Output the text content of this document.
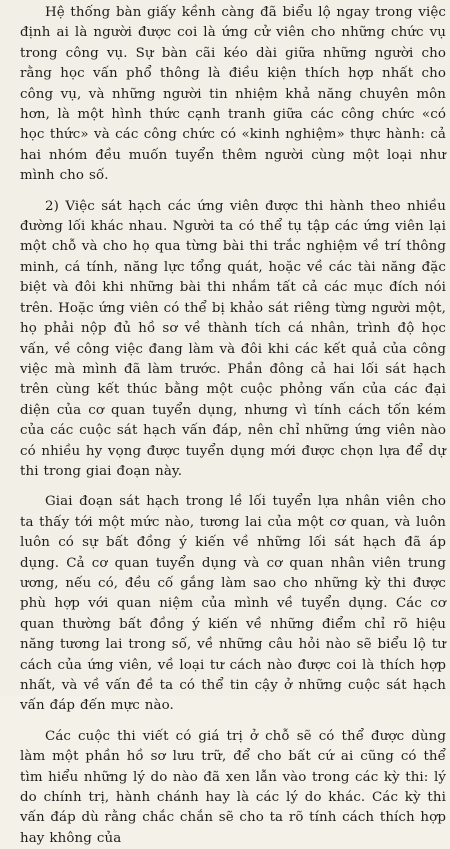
Hệ thống bàn giấy kềnh càng đã biểu lộ ngay trong việc định ai là người được coi là ứng cử viên cho những chức vụ trong công vụ. Sự bàn cãi kéo dài giữa những người cho rằng học vấn phổ thông là điều kiện thích hợp nhất cho công vụ, và những người tin nhiệm khả năng chuyên môn hơn, là một hình thức cạnh tranh giữa các công chức «có học thức» và các công chức có «kinh nghiệm» thực hành: cả hai nhóm đều muốn tuyển thêm người cùng một loại như mình cho số.

2) Việc sát hạch các ứng viên được thi hành theo nhiều đường lối khác nhau. Người ta có thể tụ tập các ứng viên lại một chỗ và cho họ qua từng bài thi trắc nghiệm về trí thông minh, cá tính, năng lực tổng quát, hoặc về các tài năng đặc biệt và đôi khi những bài thi nhắm tất cả các mục đích nói trên. Hoặc ứng viên có thể bị khảo sát riêng từng người một, họ phải nộp đủ hồ sơ về thành tích cá nhân, trình độ học vấn, về công việc đang làm và đôi khi các kết quả của công việc mà mình đã làm trước. Phần đông cả hai lối sát hạch trên cùng kết thúc bằng một cuộc phỏng vấn của các đại diện của cơ quan tuyển dụng, nhưng vì tính cách tốn kém của các cuộc sát hạch vấn đáp, nên chỉ những ứng viên nào có nhiều hy vọng được tuyển dụng mới được chọn lựa để dự thi trong giai đoạn này.

Giai đoạn sát hạch trong lề lối tuyển lựa nhân viên cho ta thấy tới một mức nào, tương lai của một cơ quan, và luôn luôn có sự bất đồng ý kiến về những lối sát hạch đã áp dụng. Cả cơ quan tuyển dụng và cơ quan nhân viên trung ương, nếu có, đều cố gắng làm sao cho những kỳ thi được phù hợp với quan niệm của mình về tuyển dụng. Các cơ quan thường bất đồng ý kiến về những điểm chỉ rõ hiệu năng tương lai trong số, về những câu hỏi nào sẽ biểu lộ tư cách của ứng viên, về loại tư cách nào được coi là thích hợp nhất, và về vấn đề ta có thể tin cậy ở những cuộc sát hạch vấn đáp đến mực nào.

Các cuộc thi viết có giá trị ở chỗ sẽ có thể được dùng làm một phần hồ sơ lưu trữ, để cho bất cứ ai cũng có thể tìm hiểu những lý do nào đã xen lẫn vào trong các kỳ thi: lý do chính trị, hành chánh hay là các lý do khác. Các kỳ thi vấn đáp dù rằng chắc chắn sẽ cho ta rõ tính cách thích hợp hay không của
